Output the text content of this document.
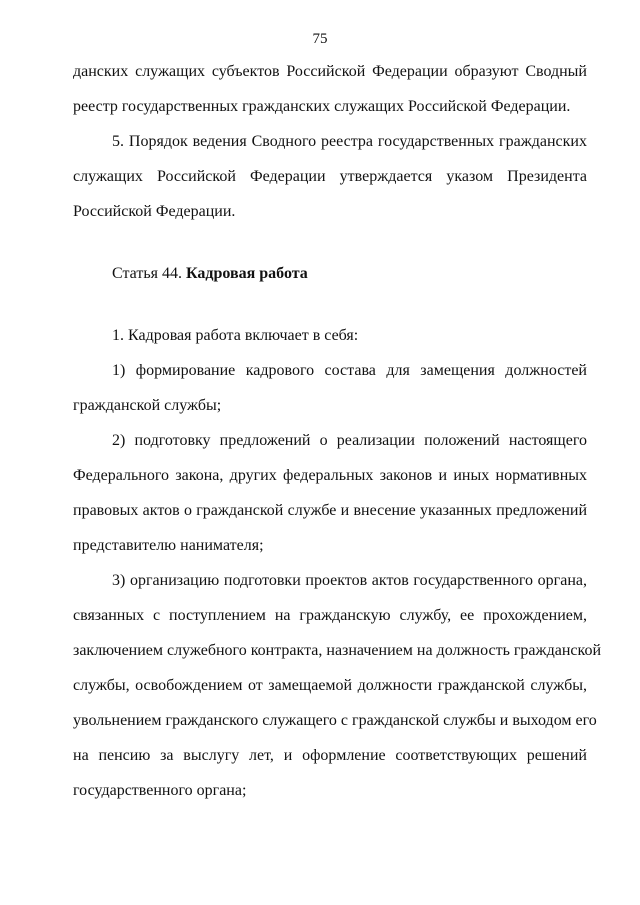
75
данских служащих субъектов Российской Федерации образуют Сводный
реестр государственных гражданских служащих Российской Федерации.
5. Порядок ведения Сводного реестра государственных гражданских
служащих Российской Федерации утверждается указом Президента
Российской Федерации.
Статья 44. Кадровая работа
1. Кадровая работа включает в себя:
1) формирование кадрового состава для замещения должностей
гражданской службы;
2) подготовку предложений о реализации положений настоящего
Федерального закона, других федеральных законов и иных нормативных
правовых актов о гражданской службе и внесение указанных предложений
представителю нанимателя;
3) организацию подготовки проектов актов государственного органа,
связанных с поступлением на гражданскую службу, ее прохождением,
заключением служебного контракта, назначением на должность гражданской
службы, освобождением от замещаемой должности гражданской службы,
увольнением гражданского служащего с гражданской службы и выходом его
на пенсию за выслугу лет, и оформление соответствующих решений
государственного органа;
